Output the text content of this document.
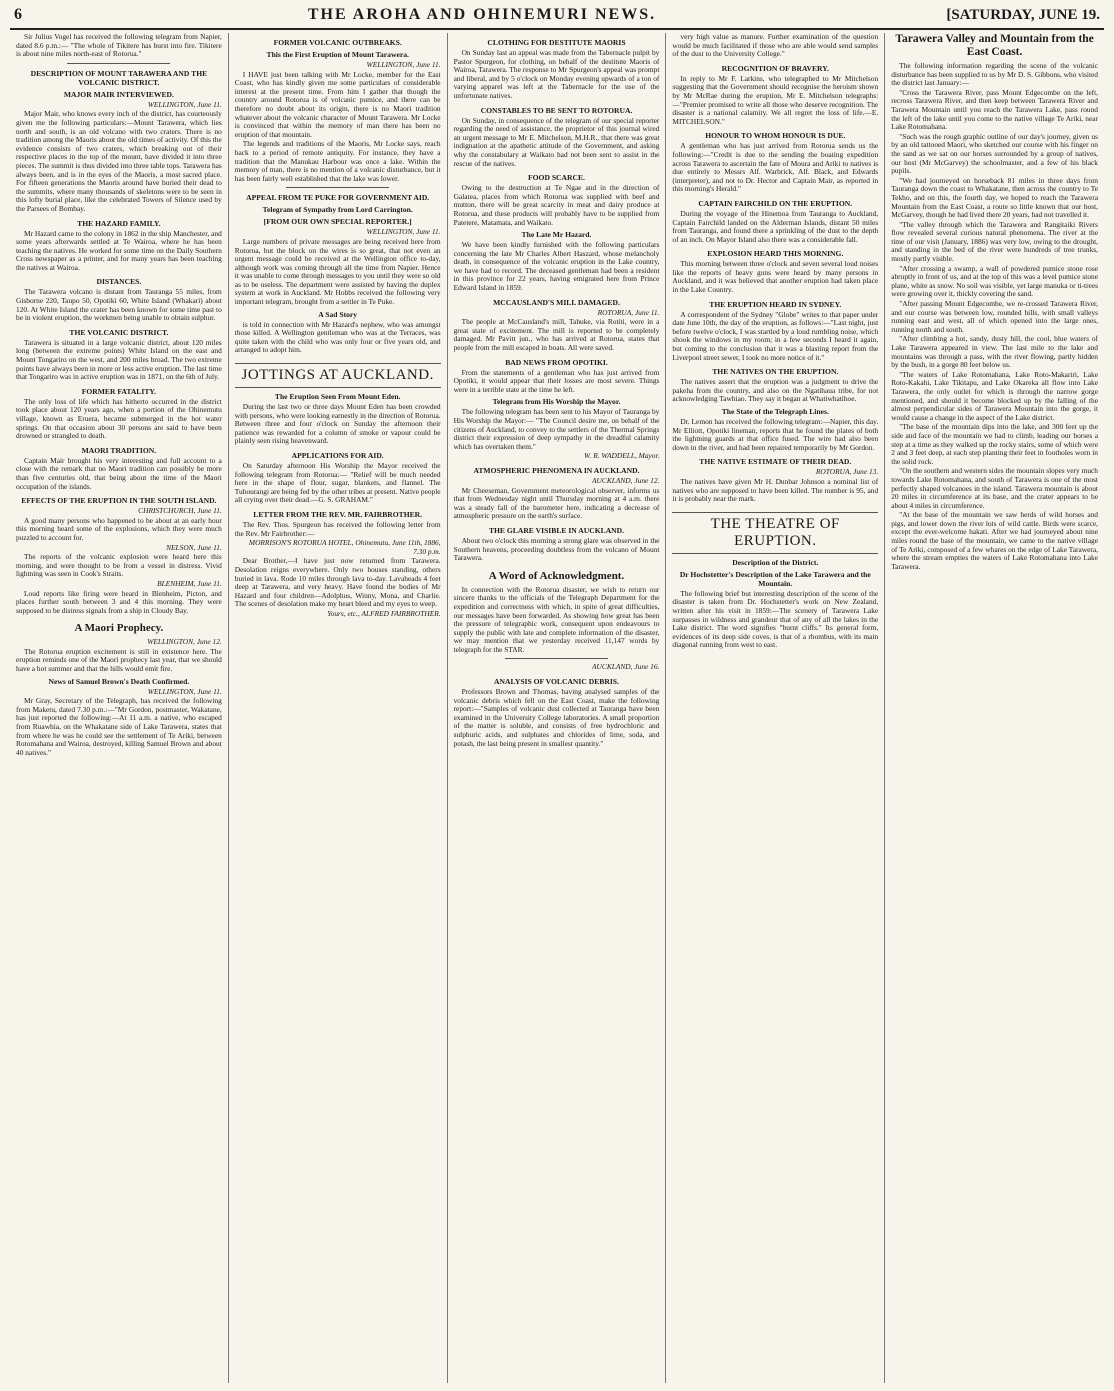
6	THE AROHA AND OHINEMURI NEWS.	[SATURDAY, JUNE 19.

Sir Julius Vogel has received the following telegram from Napier, dated 8.6 p.m.:— "The whole of Tikitere has burst into fire. Tikitere is about nine miles north-east of Rotorua."

DESCRIPTION OF MOUNT TARAWERA AND THE VOLCANIC DISTRICT.
MAJOR MAIR INTERVIEWED.
WELLINGTON, June 11.

Major Mair, who knows every inch of the district, has courteously given me the following particulars:—Mount Tarawera, which lies north and south, is an old volcano with two craters. There is no tradition among the Maoris about the old times of activity. Of this the evidence consists of two craters, which breaking out of their respective places in the top of the mount, have divided it into three pieces. The summit is thus divided into three table tops. Tarawera has always been, and is in the eyes of the Maoris, a most sacred place. For fifteen generations the Maoris around have buried their dead to the summits, where many thousands of skeletons were to be seen in this lofty burial place, like the celebrated Towers of Silence used by the Parsees of Bombay.

THE HAZARD FAMILY.

Mr Hazard came to the colony in 1862 in the ship Manchester, and some years afterwards settled at Te Wairoa, where he has been teaching the natives. He worked for some time on the Daily Southern Cross newspaper as a printer, and for many years has been teaching the natives at Wairoa.

DISTANCES.

The Tarawera volcano is distant from Tauranga 55 miles, from Gisborne 220, Taupo 50, Opotiki 60, White Island (Whakari) about 120. At White Island the crater has been known for some time past to be in violent eruption, the workmen being unable to obtain sulphur.

THE VOLCANIC DISTRICT.

Tarawera is situated in a large volcanic district, about 120 miles long (between the extreme points) White Island on the east and Mount Tongariro on the west, and 200 miles broad. The two extreme points have always been in more or less active eruption. The last time that Tongariro was in active eruption was in 1871, on the 6th of July.

FORMER FATALITY.

The only loss of life which has hitherto occurred in the district took place about 120 years ago, when a portion of the Ohinemutu village, known as Eruera, became submerged in the hot water springs. On that occasion about 30 persons are said to have been drowned or strangled to death.

MAORI TRADITION.

Captain Mair brought his very interesting and full account to a close with the remark that no Maori tradition can possibly be more than five centuries old, that being about the time of the Maori occupation of the islands.

EFFECTS OF THE ERUPTION IN THE SOUTH ISLAND.
CHRISTCHURCH, June 11.

A good many persons who happened to be about at an early hour this morning heard some of the explosions, which they were much puzzled to account for.

NELSON, June 11.

The reports of the volcanic explosion were heard here this morning, and were thought to be from a vessel in distress. Vivid lightning was seen in Cook's Straits.

BLENHEIM, June 11.

Loud reports like firing were heard in Blenheim, Picton, and places further south between 3 and 4 this morning. They were supposed to be distress signals from a ship in Cloudy Bay.

A Maori Prophecy.
WELLINGTON, June 12.

The Rotorua eruption excitement is still in existence here. The eruption reminds one of the Maori prophecy last year, that we should have a hot summer and that the hills would emit fire.

News of Samuel Brown's Death Confirmed.
WELLINGTON, June 11.

Mr Gray, Secretary of the Telegraph, has received the following from Maketu, dated 7.30 p.m.:—"Mr Gordon, postmaster, Wakatane, has just reported the following:—At 11 a.m. a native, who escaped from Ruawhia, on the Whakatane side of Lake Tarawera, states that from where he was he could see the settlement of Te Ariki, between Rotomahana and Wairoa, destroyed, killing Samuel Brown and about 40 natives."

FORMER VOLCANIC OUTBREAKS.
This the First Eruption of Mount Tarawera.
WELLINGTON, June 11.

I HAVE just been talking with Mr Locke, member for the East Coast, who has kindly given me some particulars of considerable interest at the present time. From him I gather that though the country around Rotorua is of volcanic pumice, and there can be therefore no doubt about its origin, there is no Maori tradition whatever about the volcanic character of Mount Tarawera. Mr Locke is convinced that within the memory of man there has been no eruption of that mountain.

The legends and traditions of the Maoris, Mr Locke says, reach back to a period of remote antiquity. For instance, they have a tradition that the Manukau Harbour was once a lake. Within the memory of man, there is no mention of a volcanic disturbance, but it has been fairly well established that the lake was lower.

APPEAL FROM TE PUKE FOR GOVERNMENT AID.
Telegram of Sympathy from Lord Carrington.
[FROM OUR OWN SPECIAL REPORTER.]
WELLINGTON, June 11.

Large numbers of private messages are being received here from Rotorua, but the block on the wires is so great, that not even an urgent message could be received at the Wellington office to-day, although work was coming through all the time from Napier. Hence it was unable to come through messages to you until they were so old as to be useless. The department were assisted by having the duplex system at work in Auckland. Mr Hobbs received the following very important telegram, brought from a settler in Te Puke.

A Sad Story

is told in connection with Mr Hazard's nephew, who was amongst those killed. A Wellington gentleman who was at the Terraces, was quite taken with the child who was only four or five years old, and arranged to adopt him.

JOTTINGS AT AUCKLAND.
The Eruption Seen From Mount Eden.

During the last two or three days Mount Eden has been crowded with persons, who were looking earnestly in the direction of Rotorua. Between three and four o'clock on Sunday the afternoon their patience was rewarded for a column of smoke or vapour could be plainly seen rising heavenward.

APPLICATIONS FOR AID.

On Saturday afternoon His Worship the Mayor received the following telegram from Rotorua:— "Relief will be much needed here in the shape of flour, sugar, blankets, and flannel. The Tuhourangi are being fed by the other tribes at present. Native people all crying over their dead.—G. S. GRAHAM."

LETTER FROM THE REV. MR. FAIRBROTHER.

The Rev. Thos. Spurgeon has received the following letter from the Rev. Mr Fairbrother:—

MORRISON'S ROTORUA HOTEL, Ohinemutu, June 11th, 1886, 7.30 p.m.

Dear Brother,—I have just now returned from Tarawera. Desolation reigns everywhere. Only two houses standing, others buried in lava. Rode 10 miles through lava to-day. Lavaheads 4 feet deep at Tarawera, and very heavy. Have found the bodies of Mr Hazard and four children—Adolphus, Winny, Mona, and Charlie. The scenes of desolation make my heart bleed and my eyes to weep.

Yours, etc., ALFRED FAIRBROTHER.

CLOTHING FOR DESTITUTE MAORIS

On Sunday last an appeal was made from the Tabernacle pulpit by Pastor Spurgeon, for clothing, on behalf of the destitute Maoris of Wairoa, Tarawera. The response to Mr Spurgeon's appeal was prompt and liberal, and by 5 o'clock on Monday evening upwards of a ton of varying apparel was left at the Tabernacle for the use of the unfortunate natives.

CONSTABLES TO BE SENT TO ROTORUA.

On Sunday, in consequence of the telegram of our special reporter regarding the need of assistance, the proprietor of this journal wired an urgent message to Mr E. Mitchelson, M.H.R., that there was great indignation at the apathetic attitude of the Government, and asking why the constabulary at Waikato had not been sent to assist in the rescue of the natives.

FOOD SCARCE.

Owing to the destruction at Te Ngae and in the direction of Galatea, places from which Rotorua was supplied with beef and mutton, there will be great scarcity in meat and dairy produce at Rotorua, and these products will probably have to be supplied from Patetere, Matamata, and Waikato.

The Late Mr Hazard.

We have been kindly furnished with the following particulars concerning the late Mr Charles Albert Haszard, whose melancholy death, in consequence of the volcanic eruption in the Lake country, we have had to record. The deceased gentleman had been a resident in this province for 22 years, having emigrated here from Prince Edward Island in 1859.

MCCAUSLAND'S MILL DAMAGED.
ROTORUA, June 11.

The people at McCausland's mill, Tahuke, via Rotiti, were in a great state of excitement. The mill is reported to be completely damaged. Mr Pavitt jun., who has arrived at Rotorua, states that people from the mill escaped in boats. All were saved.

BAD NEWS FROM OPOTIKI.

From the statements of a gentleman who has just arrived from Opotiki, it would appear that their losses are most severe. Things were in a terrible state at the time he left.

Telegram from His Worship the Mayor.

The following telegram has been sent to his Mayor of Tauranga by His Worship the Mayor:— "The Council desire me, on behalf of the citizens of Auckland, to convey to the settlers of the Thermal Springs district their expression of deep sympathy in the dreadful calamity which has overtaken them."

W. R. WADDELL, Mayor.

ATMOSPHERIC PHENOMENA IN AUCKLAND.
AUCKLAND, June 12.

Mr Cheeseman, Government meteorological observer, informs us that from Wednesday night until Thursday morning at 4 a.m. there was a steady fall of the barometer here, indicating a decrease of atmospheric pressure on the earth's surface.

THE GLARE VISIBLE IN AUCKLAND.

About two o'clock this morning a strong glare was observed in the Southern heavens, proceeding doubtless from the volcano of Mount Tarawera.

A Word of Acknowledgment.

In connection with the Rotorua disaster, we wish to return our sincere thanks to the officials of the Telegraph Department for the expedition and correctness with which, in spite of great difficulties, our messages have been forwarded. As showing how great has been the pressure of telegraphic work, consequent upon endeavours to supply the public with late and complete information of the disaster, we may mention that we yesterday received 11,147 words by telegraph for the STAR.

AUCKLAND, June 16.
ANALYSIS OF VOLCANIC DEBRIS.

Professors Brown and Thomas, having analysed samples of the volcanic debris which fell on the East Coast, make the following report:—"Samples of volcanic dust collected at Tauranga have been examined in the University College laboratories. A small proportion of the matter is soluble, and consists of free hydrochloric and sulphuric acids, and sulphates and chlorides of lime, soda, and potash, the last being present in smallest quantity."

very high value as manure. Further examination of the question would be much facilitated if those who are able would send samples of the dust to the University College."

RECOGNITION OF BRAVERY.

In reply to Mr F. Larkins, who telegraphed to Mr Mitchelson suggesting that the Government should recognise the heroism shown by Mr McRae during the eruption, Mr E. Mitchelson telegraphs:—"Premier promised to write all those who deserve recognition. The disaster is a national calamity. We all regret the loss of life.—E. MITCHELSON."

HONOUR TO WHOM HONOUR IS DUE.

A gentleman who has just arrived from Rotorua sends us the following:—"Credit is due to the sending the boating expedition across Tarawera to ascertain the fate of Moura and Ariki to natives is due entirely to Messrs Alf. Warbrick, Alf. Black, and Edwards (interpreter), and not to Dr. Hector and Captain Mair, as reported in this morning's Herald."

CAPTAIN FAIRCHILD ON THE ERUPTION.

During the voyage of the Hinemoa from Tauranga to Auckland, Captain Fairchild landed on the Alderman Islands, distant 50 miles from Tauranga, and found there a sprinkling of the dust to the depth of an inch. On Mayor Island also there was a considerable fall.

EXPLOSION HEARD THIS MORNING.

This morning between three o'clock and seven several loud noises like the reports of heavy guns were heard by many persons in Auckland, and it was believed that another eruption had taken place in the Lake Country.

THE ERUPTION HEARD IN SYDNEY.

A correspondent of the Sydney "Globe" writes to that paper under date June 10th, the day of the eruption, as follows:—"Last night, just before twelve o'clock, I was startled by a loud rumbling noise, which shook the windows in my room; in a few seconds I heard it again, but coming to the conclusion that it was a blasting report from the Liverpool street sewer, I took no more notice of it."

THE NATIVES ON THE ERUPTION.

The natives assert that the eruption was a judgment to drive the pakeha from the country, and also on the Ngatihaua tribe, for not acknowledging Tawhiao. They say it began at Whatiwhatihoe.

The State of the Telegraph Lines.

Dr. Lemon has received the following telegram:—Napier, this day. Mr Elliott, Opotiki lineman, reports that he found the plates of both the lightning guards at that office fused. The wire had also been down in the river, and had been repaired temporarily by Mr Gordon.

THE NATIVE ESTIMATE OF THEIR DEAD.
ROTORUA, June 13.

The natives have given Mr H. Dunbar Johnson a nominal list of natives who are supposed to have been killed. The number is 95, and it is probably near the mark.

THE THEATRE OF ERUPTION.
Description of the District.
Dr Hochstetter's Description of the Lake Tarawera and the Mountain.

The following brief but interesting description of the scene of the disaster is taken from Dr. Hochstetter's work on New Zealand, written after his visit in 1859:—The scenery of Tarawera Lake surpasses in wildness and grandeur that of any of all the lakes in the Lake district. The word signifies "burnt cliffs." Its general form, evidences of its deep side coves, is that of a rhombus, with its main diagonal running from west to east.

Tarawera Valley and Mountain from the East Coast.

The following information regarding the scene of the volcanic disturbance has been supplied to us by Mr D. S. Gibbons, who visited the district last January:—

"Cross the Tarawera River, pass Mount Edgecombe on the left, recross Tarawera River, and then keep between Tarawera River and Tarawera Mountain until you reach the Tarawera Lake, pass round the left of the lake until you come to the native village Te Ariki, near Lake Rotomahana.

"Such was the rough graphic outline of our day's journey, given us by an old tattooed Maori, who sketched our course with his finger on the sand as we sat on our horses surrounded by a group of natives, our host (Mr McGarvey) the schoolmaster, and a few of his black pupils.

"We had journeyed on horseback 81 miles in three days from Tauranga down the coast to Whakatane, then across the country to Te Tekho, and on this, the fourth day, we hoped to reach the Tarawera Mountain from the East Coast, a route so little known that our host, McGarvey, though he had lived there 20 years, had not travelled it.

"The valley through which the Tarawera and Rangitaiki Rivers flow revealed several curious natural phenomena. The river at the time of our visit (January, 1886) was very low, owing to the drought, and standing in the bed of the river were hundreds of tree trunks, mostly partly visible.

"After crossing a swamp, a wall of powdered pumice stone rose abruptly in front of us, and at the top of this was a level pumice stone plane, white as snow. No soil was visible, yet large manuka or ti-trees were growing over it, thickly covering the sand.

"After passing Mount Edgecombe, we re-crossed Tarawera River, and our course was between low, rounded hills, with small valleys running east and west, all of which opened into the large ones, running north and south.

"After climbing a hot, sandy, dusty hill, the cool, blue waters of Lake Tarawera appeared in view. The last mile to the lake and mountains was through a pass, with the river flowing, partly hidden by the bush, in a gorge 80 feet below us.

"The waters of Lake Rotomahana, Lake Roto-Makariri, Lake Roto-Kakahi, Lake Tikitapu, and Lake Okareka all flow into Lake Tarawera, the only outlet for which is through the narrow gorge mentioned, and should it become blocked up by the falling of the almost perpendicular sides of Tarawera Mountain into the gorge, it would cause a change in the aspect of the Lake district.

"The base of the mountain dips into the lake, and 300 feet up the side and face of the mountain we had to climb, leading our horses a step at a time as they walked up the rocky stairs, some of which were 2 and 3 feet deep, at each step planting their feet in footholes worn in the solid rock.

"On the southern and western sides the mountain slopes very much towards Lake Rotomahana, and south of Tarawera is one of the most perfectly shaped volcanoes in the island. Tarawera mountain is about 20 miles in circumference at its base, and the crater appears to be about 4 miles in circumference.

"At the base of the mountain we saw herds of wild horses and pigs, and lower down the river lots of wild cattle. Birds were scarce, except the ever-welcome hakati. After we had journeyed about nine miles round the base of the mountain, we came to the native village of Te Ariki, composed of a few whares on the edge of Lake Tarawera, where the stream empties the waters of Lake Rotomahana into Lake Tarawera.
